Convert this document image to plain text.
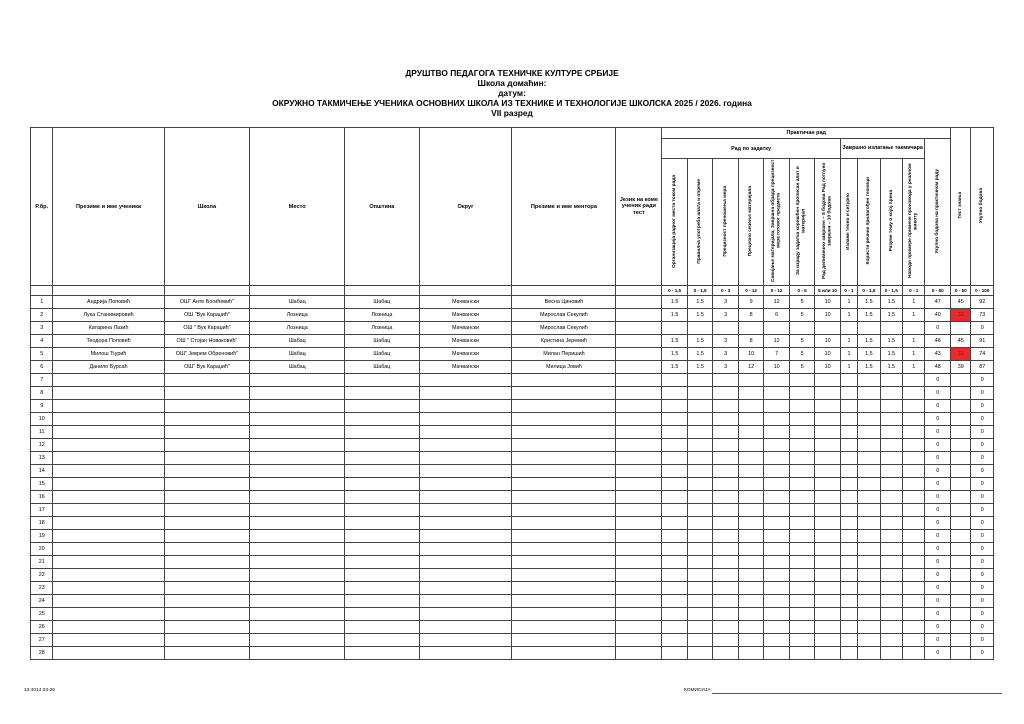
ДРУШТВО ПЕДАГОГА ТЕХНИЧКЕ КУЛТУРЕ СРБИЈЕ
Школа домаћин:
датум:
ОКРУЖНО ТАКМИЧЕЊЕ УЧЕНИКА ОСНОВНИХ ШКОЛА ИЗ ТЕХНИКЕ И ТЕХНОЛОГИЈЕ ШКОЛСКА 2025 / 2026. година
VII разред
Р.бр.	Презиме и име ученика	Школа	Место	Општина	Округ	Презиме и име ментора	Језик на коме ученик ради тест	Практичан рад												Тест знања	Укупно бодова
								Рад по задатку							Завршно излагање такмичара				Укупно бодова на практичном раду		
								Организација радног места током рада	Правилна употреба алата и опреме	Прецизност преношења мера	Прецизно сечење материјала	Савијање материјала, Завршна обрада прецизност мера готовог предмета	За израду задатка коришћен прописан алат и материјал	Рад делимично завршен – 5 бодова Рад потпуно завршен – 10 бодова	Излаже течно и сигурно	Користи речник прилагођен техници	Разуме тему о којој прича	Наводи примере примене производа у реалном животу			
								0 - 1,5	0 - 1,5	0 - 3	0 - 12	0 - 12	0 - 5	5 или 10	0 - 1	0 - 1,5	0 - 1,5	0 - 1	0 - 50	0 - 50	0 - 100
1	Андрија Поповић	ОШ" Анте Богићевић"	Шабац	Шабац	Мачвански	Весна Циновић		1.5	1.5	3	9	12	5	10	1	1.5	1.5	1	47	45	92
2	Лука Станимировић	ОШ "Вук Караџић"	Лозница	Лозница	Мачвански	Мирослав Секулић		1.5	1.5	3	8	6	5	10	1	1.5	1.5	1	40	33	73
3	Катарина Лазић	ОШ " Вук Караџић"	Лозница	Лозница	Мачвански	Мирослав Секулић													0		0
4	Теодора Поповић	ОШ " Стојан Новаковић"	Шабац	Шабац	Мачвански	Кристина Јеремић		1.5	1.5	3	8	12	5	10	1	1.5	1.5	1	46	45	91
5	Милош Ђурић	ОШ" Јеврем Обреновић"	Шабац	Шабац	Мачвански	Милан Перишић		1.5	1.5	3	10	7	5	10	1	1.5	1.5	1	43	31	74
6	Данило Бурсаћ	ОШ" Вук Караџић"	Шабац	Шабац	Мачвански	Милица Јовић		1.5	1.5	3	12	10	5	10	1	1.5	1.5	1	48	39	87
7																			0		0
8																			0		0
9																			0		0
10																			0		0
11																			0		0
12																			0		0
13																			0		0
14																			0		0
15																			0		0
16																			0		0
17																			0		0
18																			0		0
19																			0		0
20																			0		0
21																			0		0
22																			0		0
23																			0		0
24																			0		0
25																			0		0
26																			0		0
27																			0		0
28																			0		0
13:4014 03-26	КОМИСИЈА:
